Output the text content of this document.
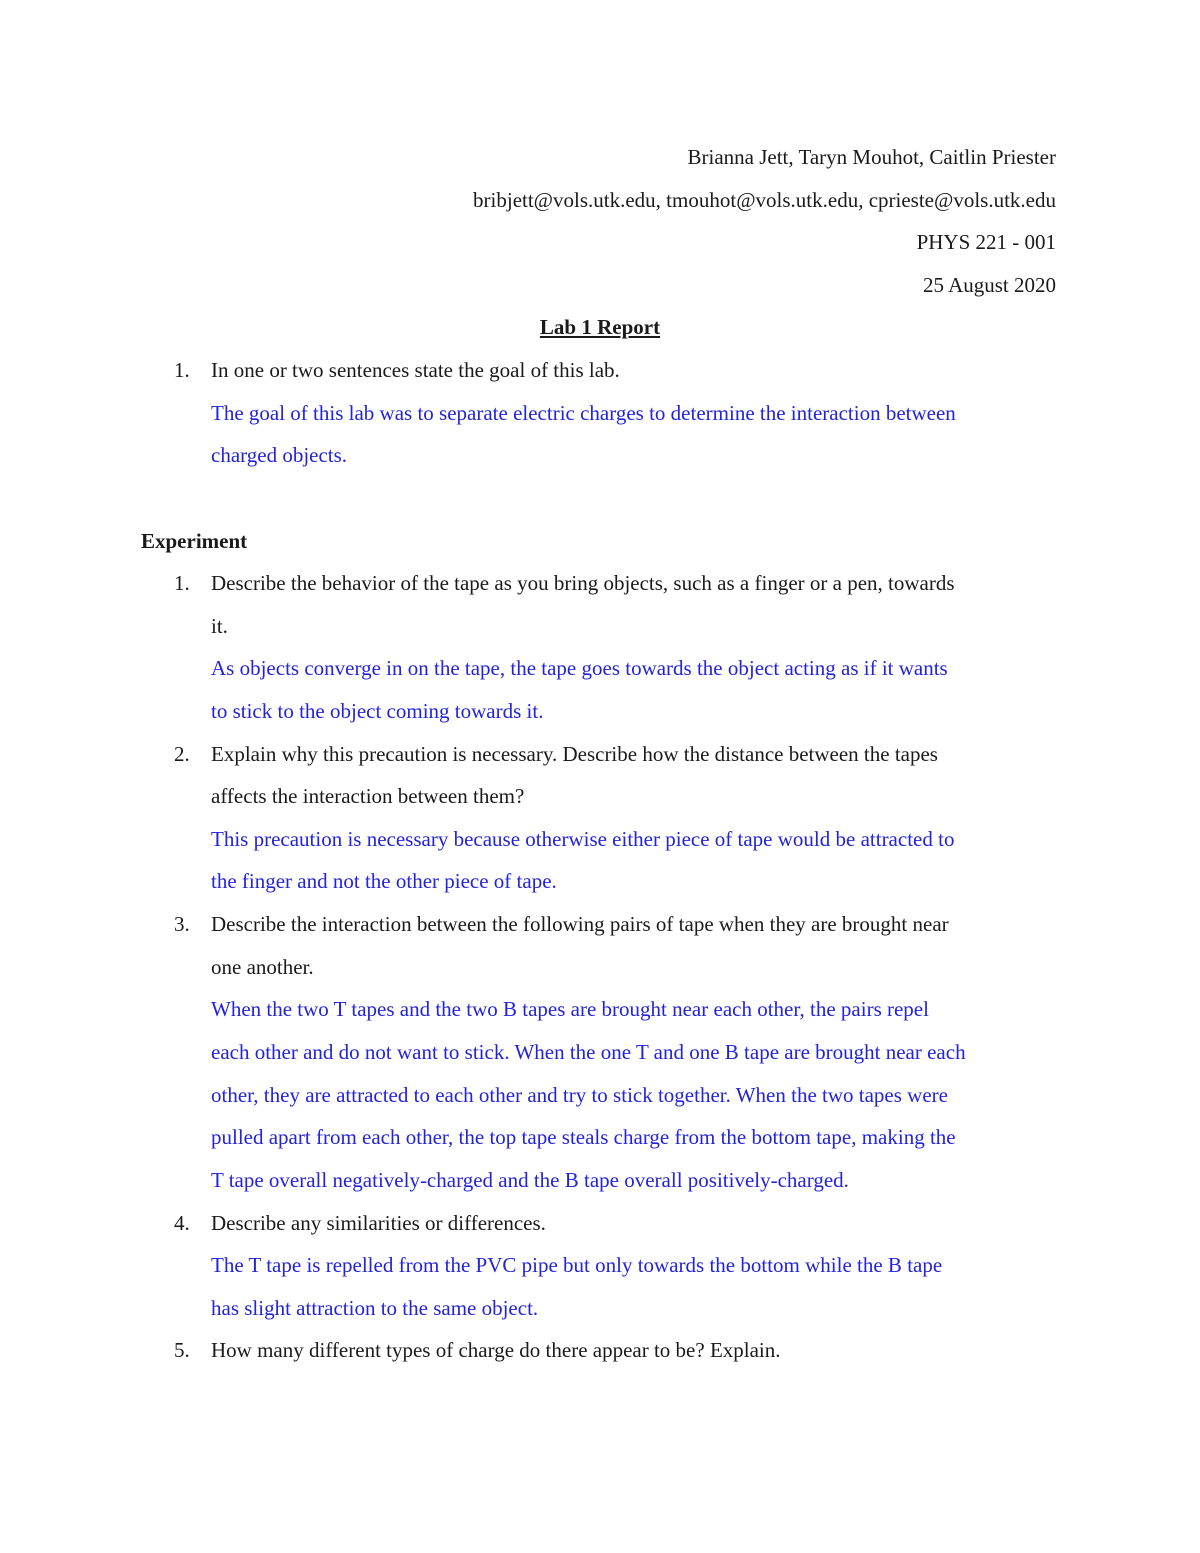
Brianna Jett, Taryn Mouhot, Caitlin Priester
bribjett@vols.utk.edu, tmouhot@vols.utk.edu, cprieste@vols.utk.edu
PHYS 221 - 001
25 August 2020
Lab 1 Report
1. In one or two sentences state the goal of this lab.
The goal of this lab was to separate electric charges to determine the interaction between
charged objects.
Experiment
1. Describe the behavior of the tape as you bring objects, such as a finger or a pen, towards
it.
As objects converge in on the tape, the tape goes towards the object acting as if it wants
to stick to the object coming towards it.
2. Explain why this precaution is necessary. Describe how the distance between the tapes
affects the interaction between them?
This precaution is necessary because otherwise either piece of tape would be attracted to
the finger and not the other piece of tape.
3. Describe the interaction between the following pairs of tape when they are brought near
one another.
When the two T tapes and the two B tapes are brought near each other, the pairs repel
each other and do not want to stick. When the one T and one B tape are brought near each
other, they are attracted to each other and try to stick together. When the two tapes were
pulled apart from each other, the top tape steals charge from the bottom tape, making the
T tape overall negatively-charged and the B tape overall positively-charged.
4. Describe any similarities or differences.
The T tape is repelled from the PVC pipe but only towards the bottom while the B tape
has slight attraction to the same object.
5. How many different types of charge do there appear to be? Explain.
